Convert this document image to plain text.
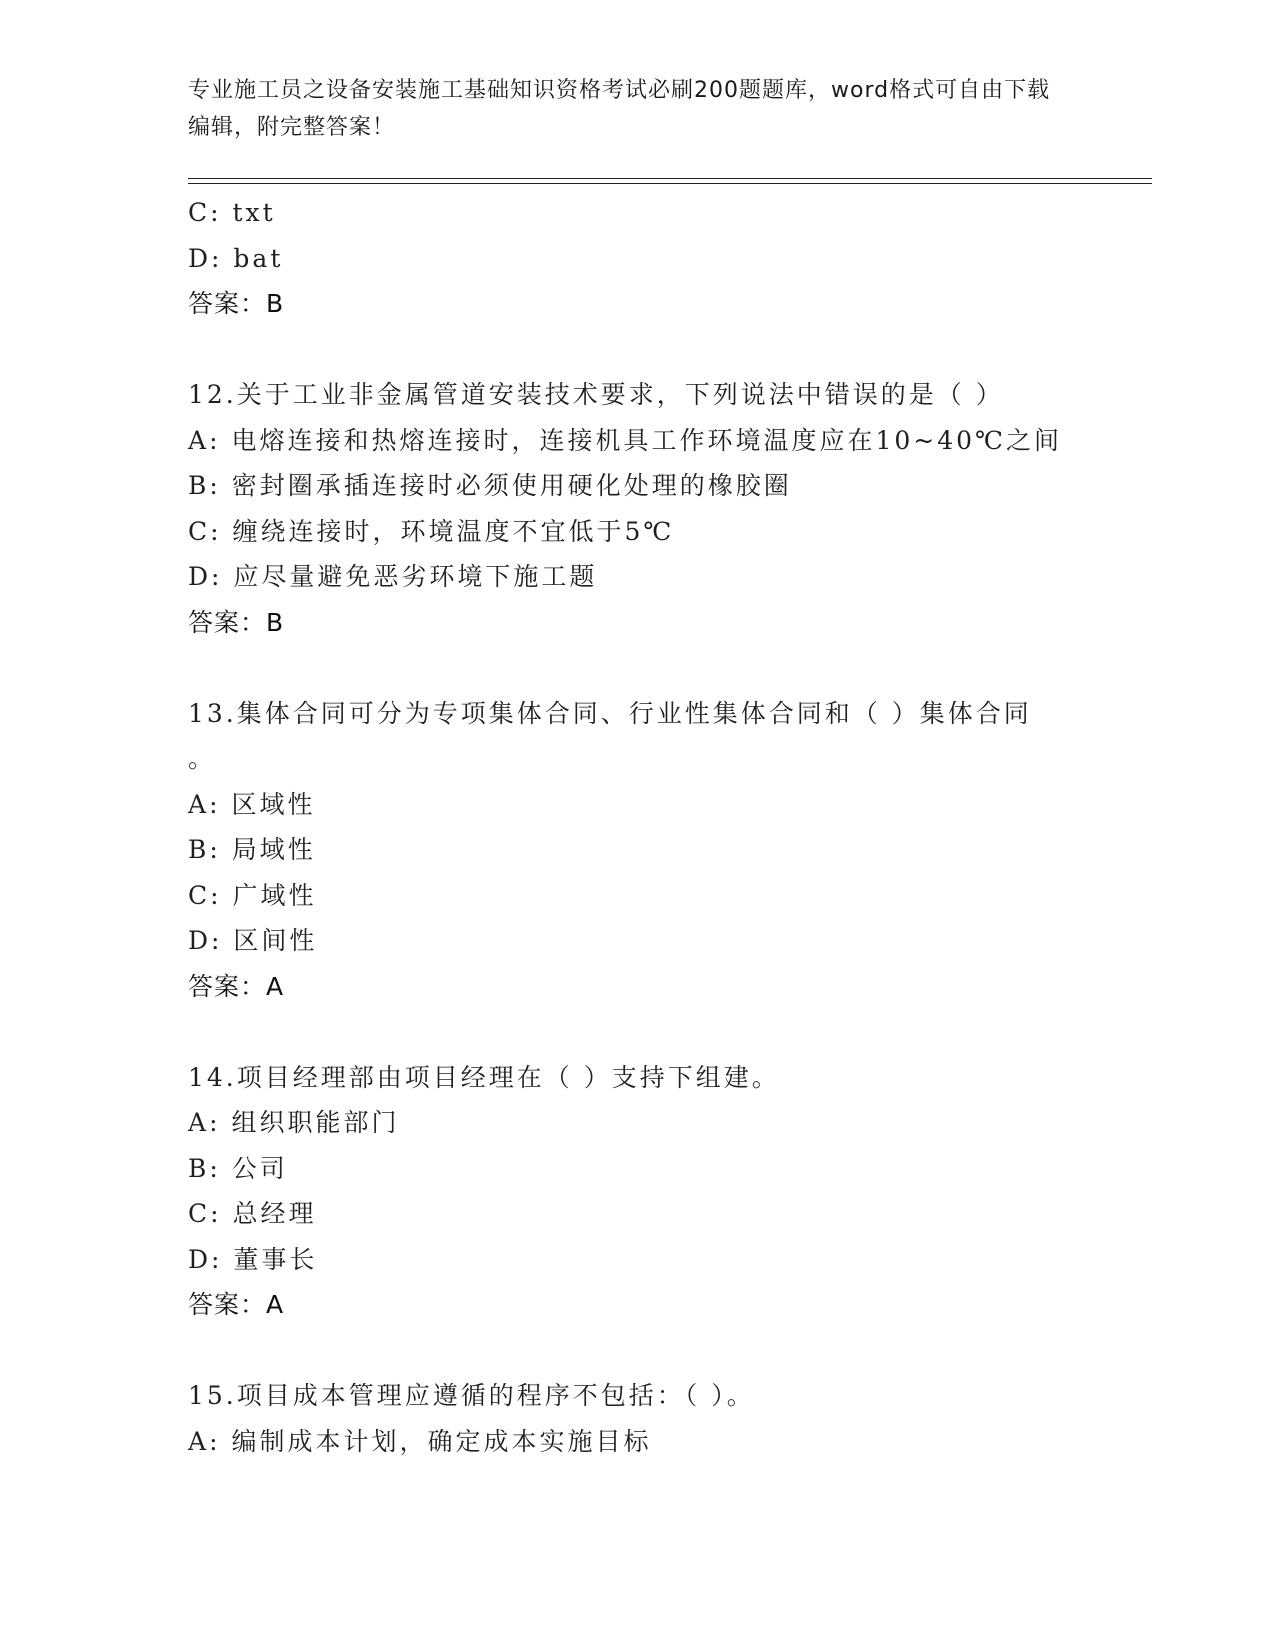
专业施工员之设备安装施工基础知识资格考试必刷200题题库，word格式可自由下载编辑，附完整答案！
C: txt
D: bat
答案：B
12.关于工业非金属管道安装技术要求，下列说法中错误的是（ ）
A: 电熔连接和热熔连接时，连接机具工作环境温度应在10~40℃之间
B: 密封圈承插连接时必须使用硬化处理的橡胶圈
C: 缠绕连接时，环境温度不宜低于5℃
D: 应尽量避免恶劣环境下施工题
答案：B
13.集体合同可分为专项集体合同、行业性集体合同和（ ）集体合同
。
A: 区域性
B: 局域性
C: 广域性
D: 区间性
答案：A
14.项目经理部由项目经理在（ ）支持下组建。
A: 组织职能部门
B: 公司
C: 总经理
D: 董事长
答案：A
15.项目成本管理应遵循的程序不包括：（ ）。
A: 编制成本计划，确定成本实施目标
